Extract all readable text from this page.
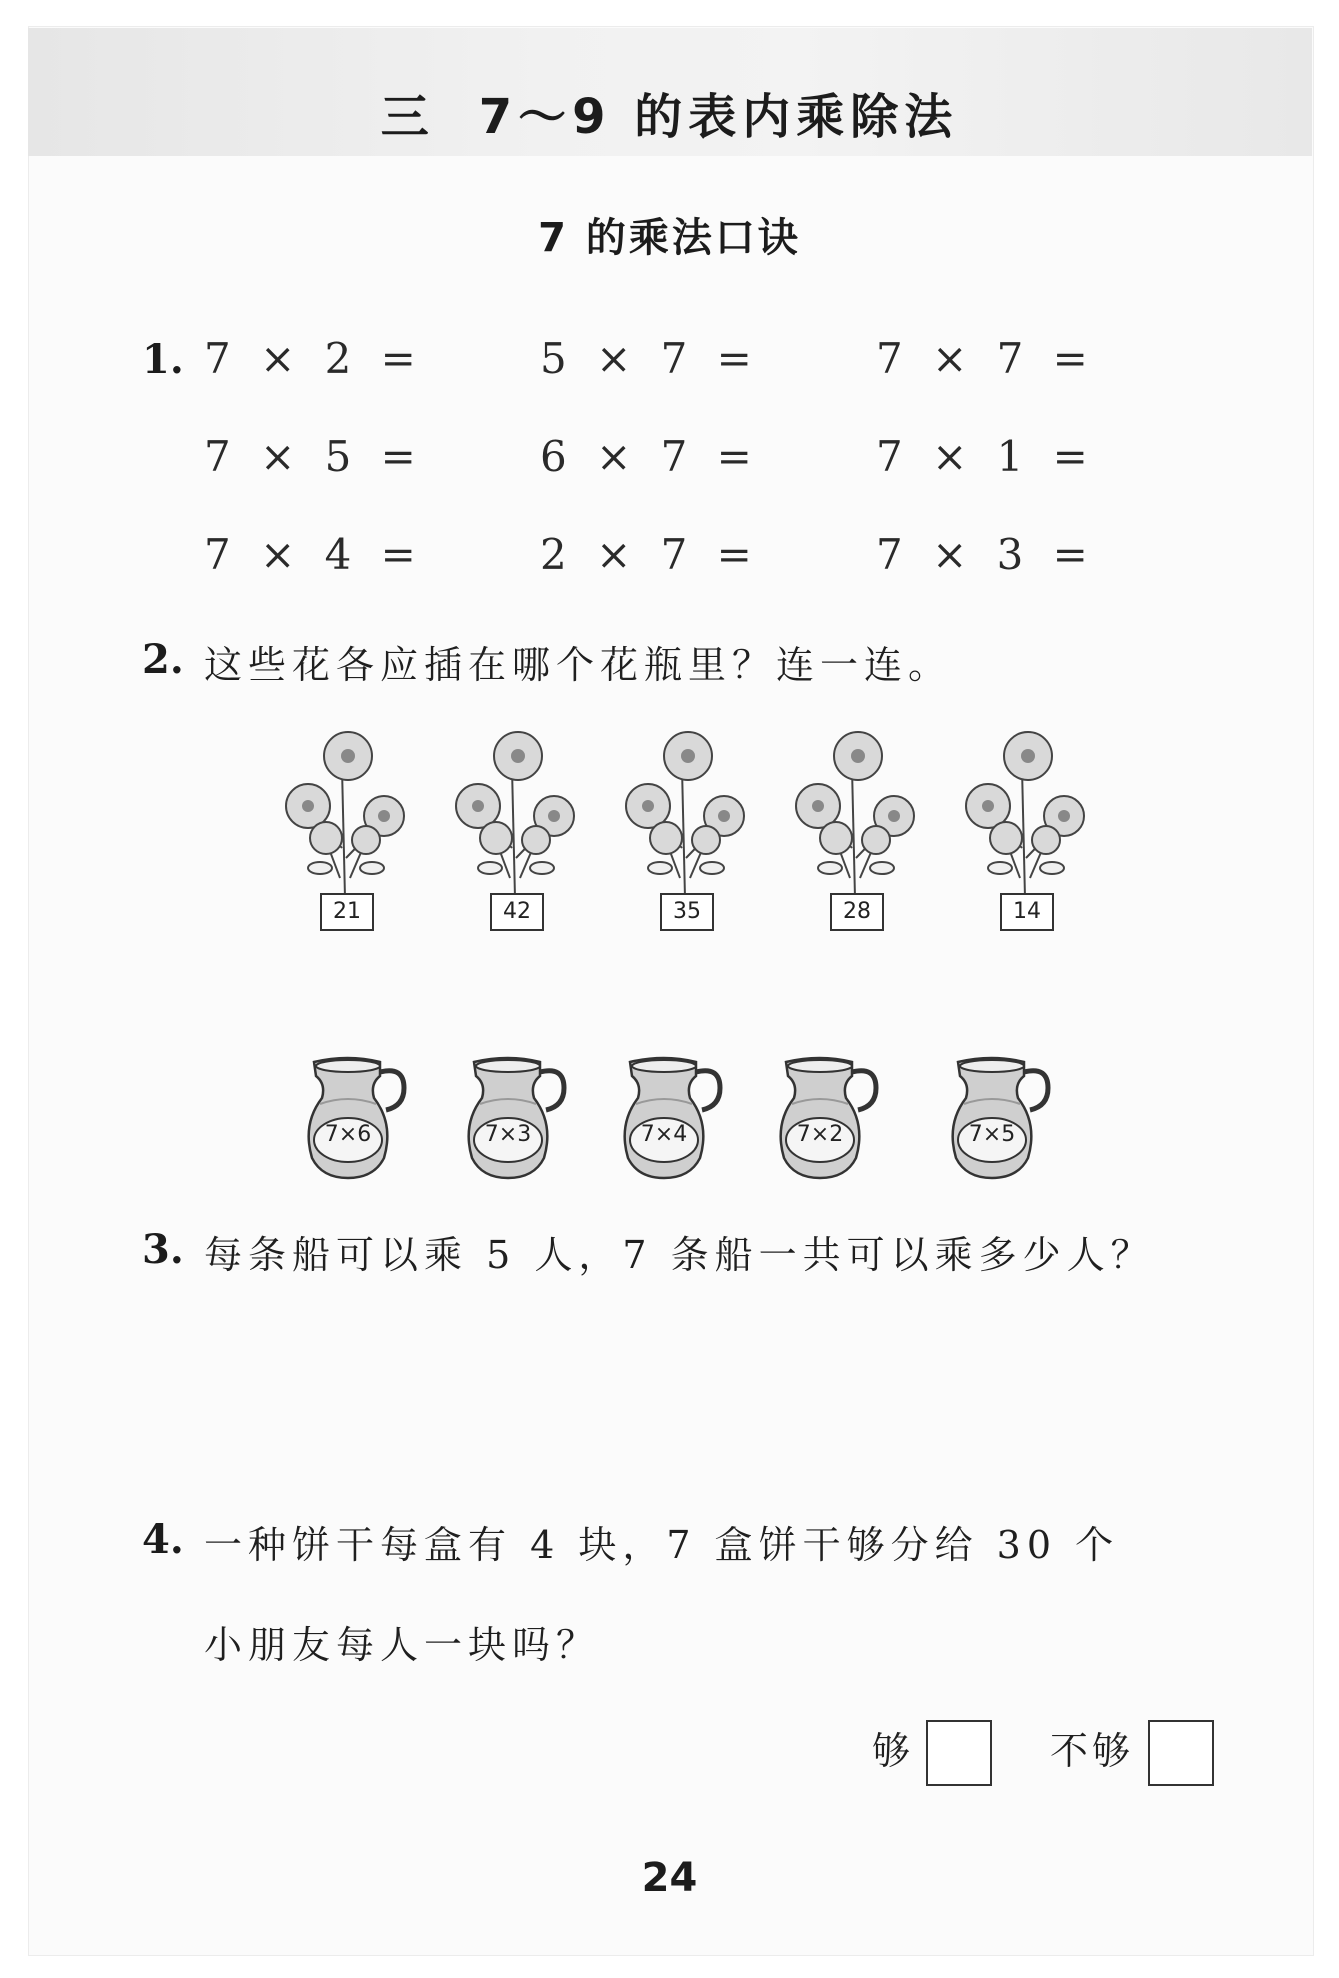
三 7～9 的表内乘除法
7 的乘法口诀
1. 7 × 2 =	5 × 7 =	7 × 7 =
7 × 5 =	6 × 7 =	7 × 1 =
7 × 4 =	2 × 7 =	7 × 3 =
2. 这些花各应插在哪个花瓶里？连一连。
21	42	35	28	14
7×6	7×3	7×4	7×2	7×5
3. 每条船可以乘 5 人，7 条船一共可以乘多少人？
4. 一种饼干每盒有 4 块，7 盒饼干够分给 30 个
小朋友每人一块吗？
够	不够
24
